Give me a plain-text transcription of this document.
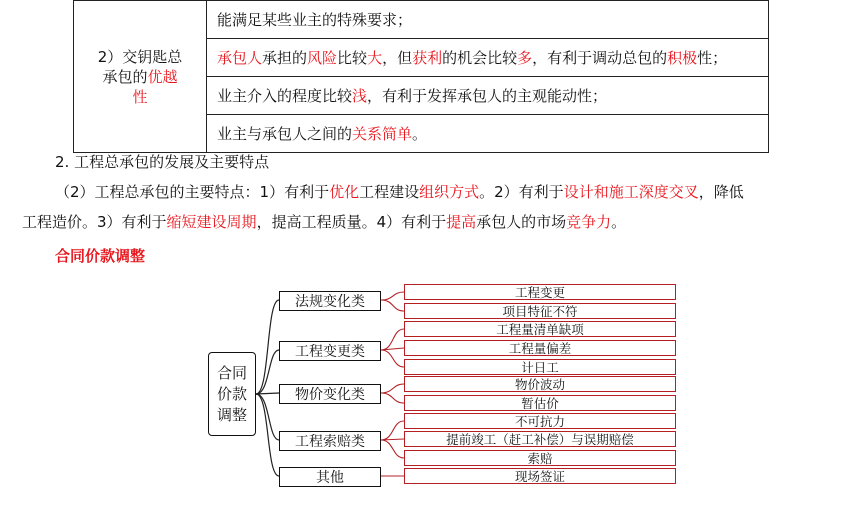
2）交钥匙总
承包的优越
性
	能满足某些业主的特殊要求；
承包人承担的风险比较大，但获利的机会比较多，有利于调动总包的积极性；
业主介入的程度比较浅，有利于发挥承包人的主观能动性；
业主与承包人之间的关系简单。
2. 工程总承包的发展及主要特点
（2）工程总承包的主要特点：1）有利于优化工程建设组织方式。2）有利于设计和施工深度交叉，降低
工程造价。3）有利于缩短建设周期，提高工程质量。4）有利于提高承包人的市场竞争力。
合同价款调整
合同
价款
调整
法规变化类
工程变更类
物价变化类
工程索赔类
其他
工程变更
项目特征不符
工程量清单缺项
工程量偏差
计日工
物价波动
暂估价
不可抗力
提前竣工（赶工补偿）与误期赔偿
索赔
现场签证
